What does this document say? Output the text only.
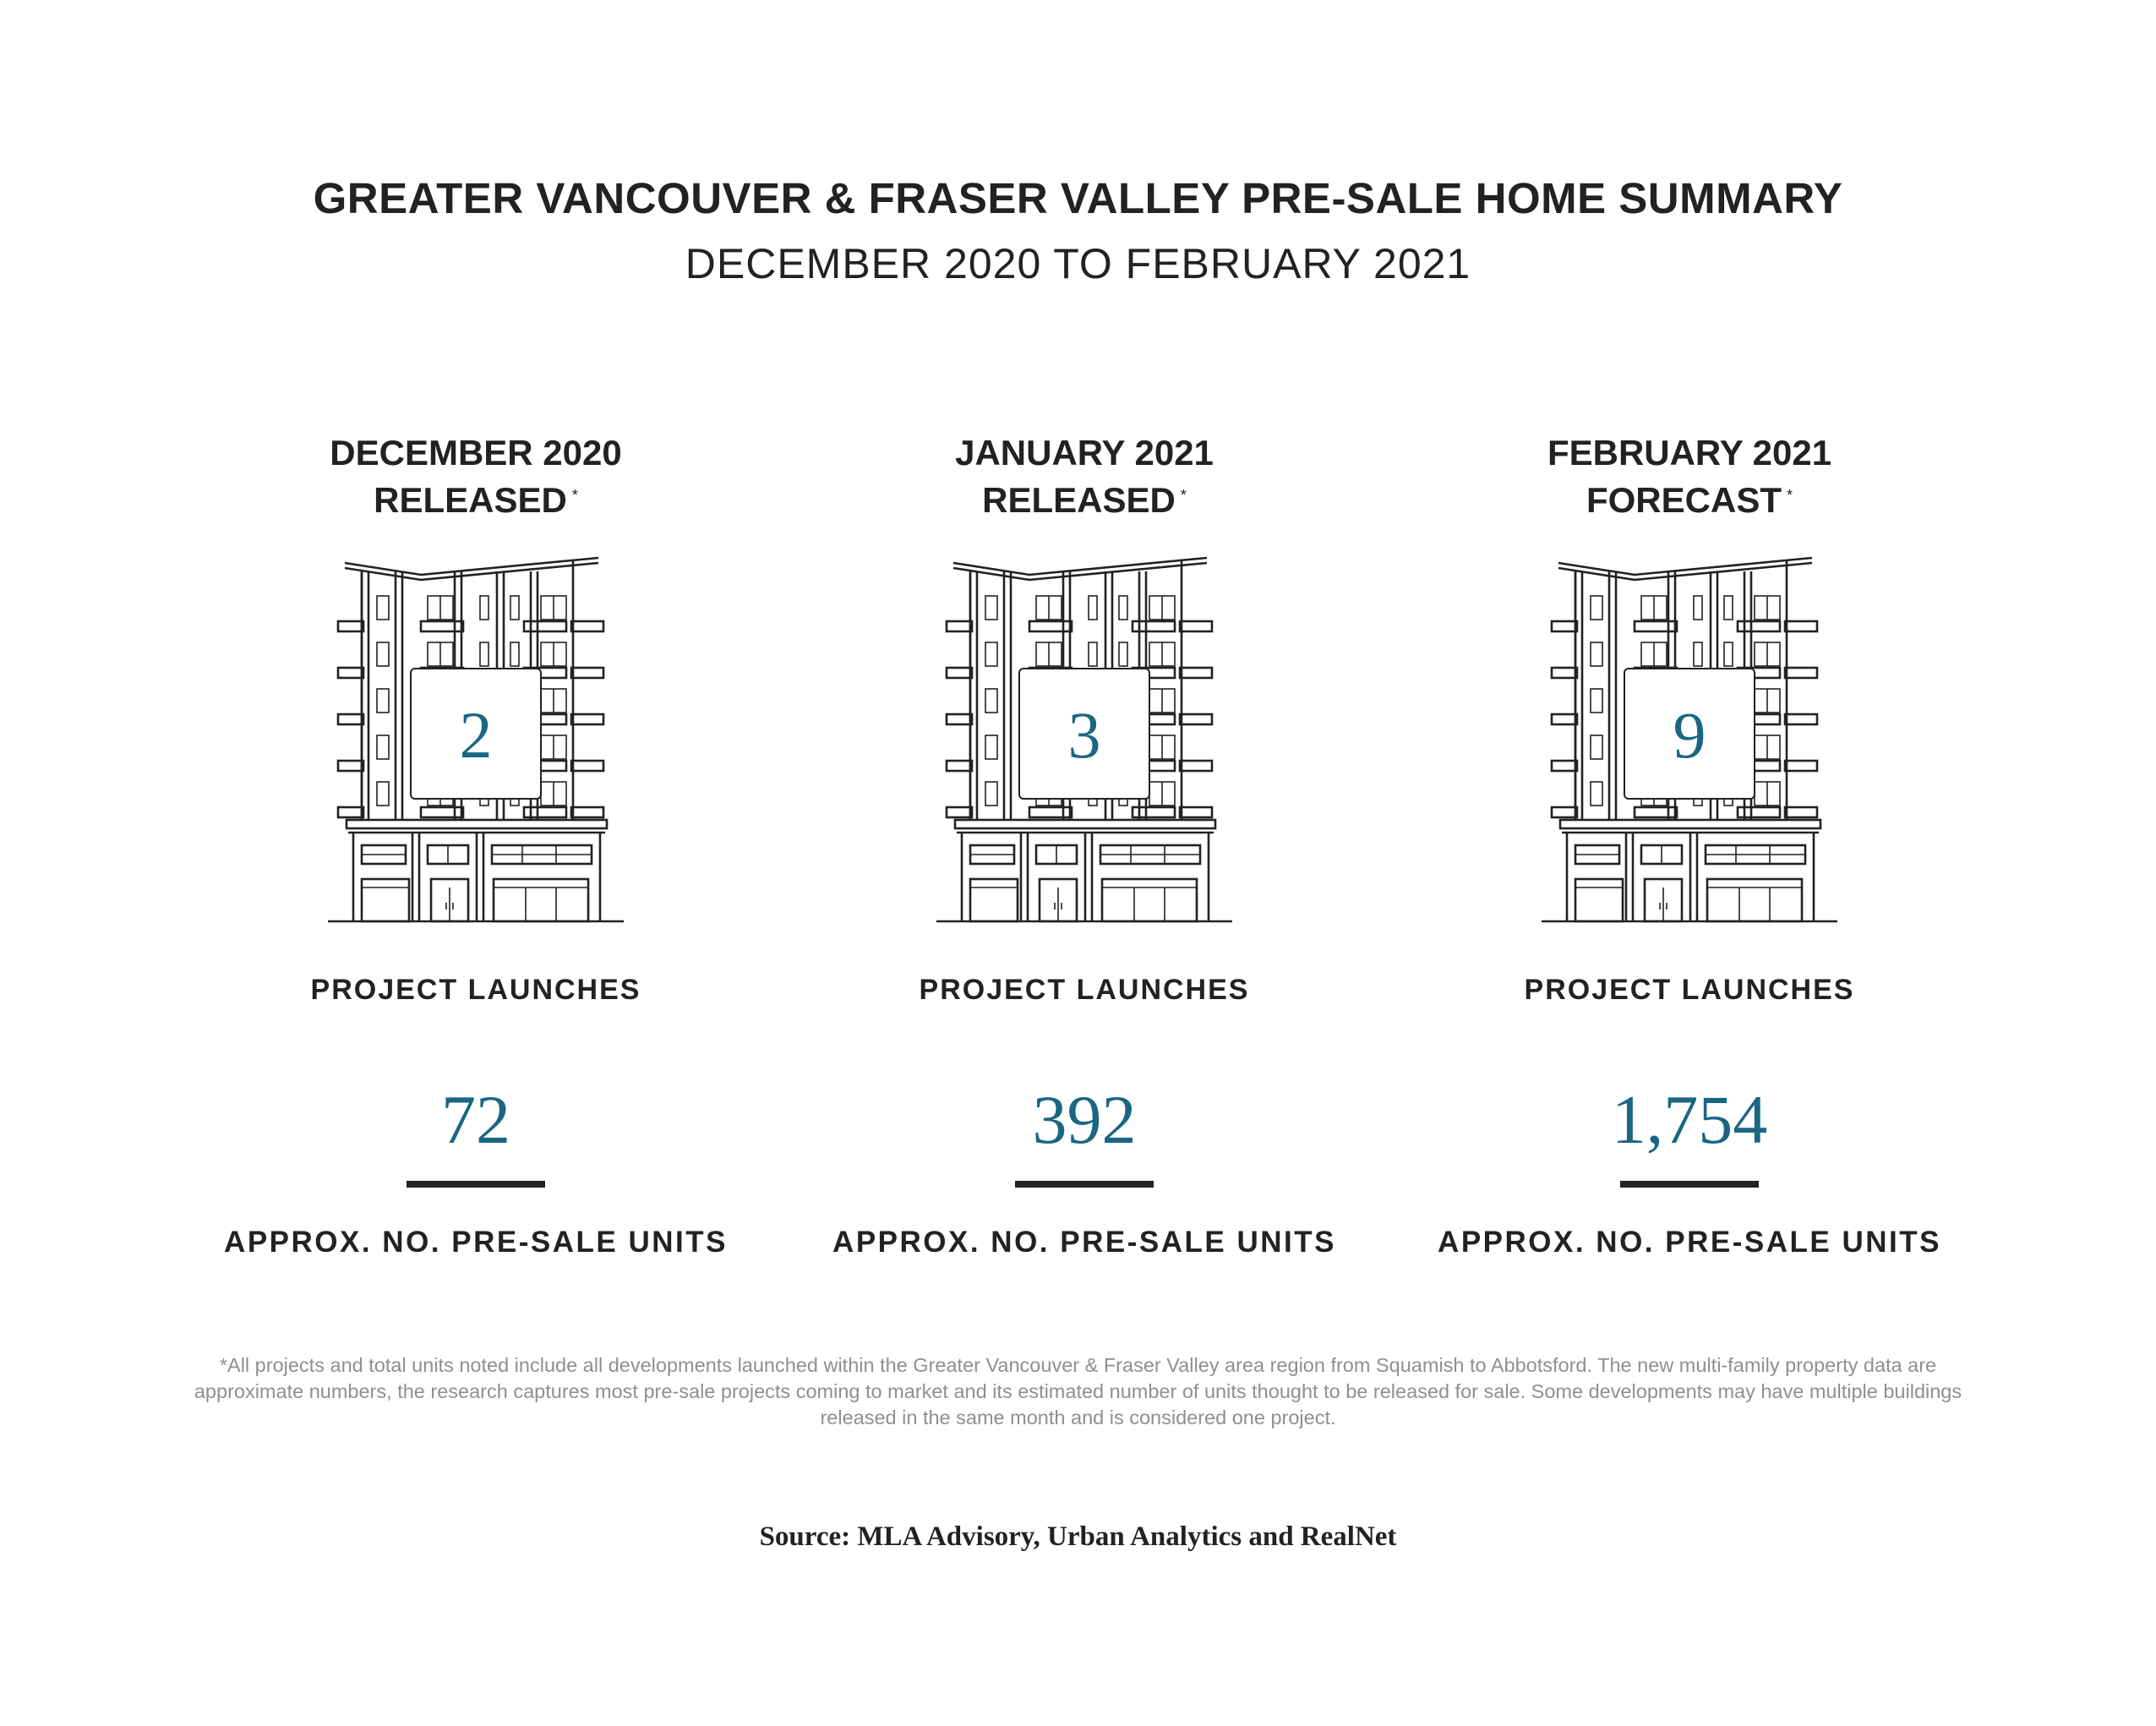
GREATER VANCOUVER & FRASER VALLEY PRE-SALE HOME SUMMARY
DECEMBER 2020 TO FEBRUARY 2021
DECEMBER 2020
RELEASED *
2
PROJECT LAUNCHES
72
APPROX. NO. PRE-SALE UNITS
JANUARY 2021
RELEASED *
3
PROJECT LAUNCHES
392
APPROX. NO. PRE-SALE UNITS
FEBRUARY 2021
FORECAST *
9
PROJECT LAUNCHES
1,754
APPROX. NO. PRE-SALE UNITS
*All projects and total units noted include all developments launched within the Greater Vancouver & Fraser Valley area region from Squamish to Abbotsford. The new multi-family property data are approximate numbers, the research captures most pre-sale projects coming to market and its estimated number of units thought to be released for sale. Some developments may have multiple buildings released in the same month and is considered one project.
Source: MLA Advisory, Urban Analytics and RealNet
